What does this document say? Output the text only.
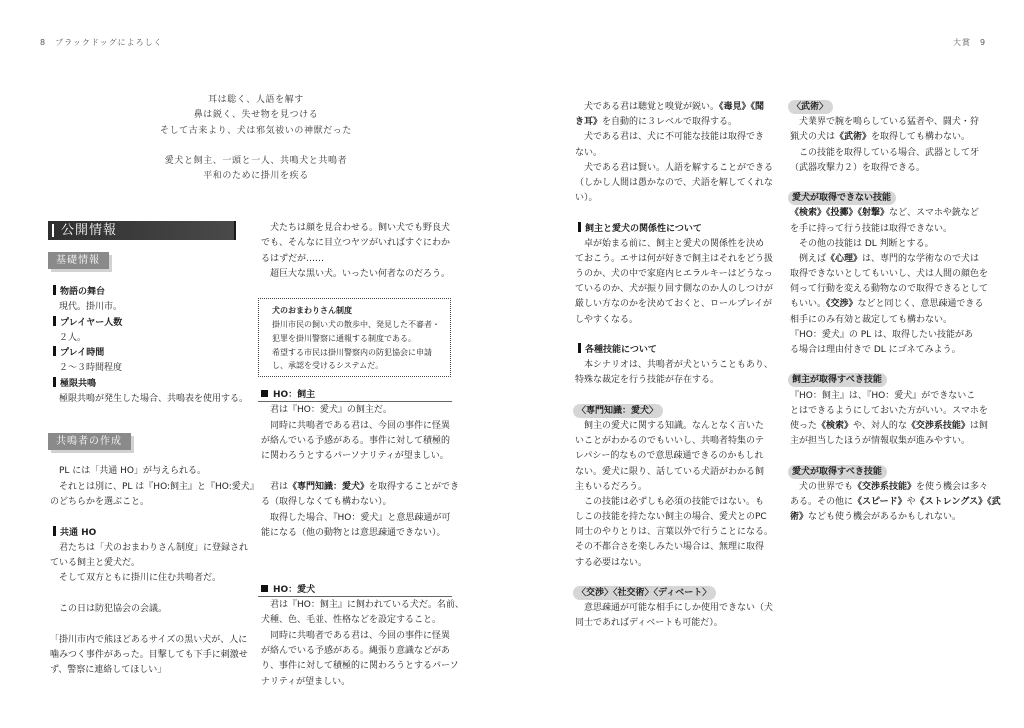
8 ブラックドッグによろしく	大賞 9
耳は聡く、人語を解す
鼻は鋭く、失せ物を見つける
そして古来より、犬は邪気祓いの神獣だった
愛犬と飼主、一頭と一人、共鳴犬と共鳴者
平和のために掛川を疾る
公開情報
基礎情報
物語の舞台
　現代。掛川市。
プレイヤー人数
　２人。
プレイ時間
　２～３時間程度
極限共鳴
　極限共鳴が発生した場合、共鳴表を使用する。
共鳴者の作成
　PL には「共通 HO」が与えられる。
　それとは別に、PL は『HO:飼主』と『HO:愛犬』
のどちらかを選ぶこと。
共通 HO
　君たちは「犬のおまわりさん制度」に登録され
ている飼主と愛犬だ。
　そして双方ともに掛川に住む共鳴者だ。
　この日は防犯協会の会議。
「掛川市内で熊ほどあるサイズの黒い犬が、人に
噛みつく事件があった。目撃しても下手に刺激せ
ず、警察に連絡してほしい」
　犬たちは顔を見合わせる。飼い犬でも野良犬
でも、そんなに目立つヤツがいればすぐにわか
るはずだが……
　超巨大な黒い犬。いったい何者なのだろう。
犬のおまわりさん制度
掛川市民の飼い犬の散歩中、発見した不審者・
犯罪を掛川警察に通報する制度である。
希望する市民は掛川警察内の防犯協会に申請
し、承認を受けるシステムだ。
HO：飼主
　君は『HO：愛犬』の飼主だ。
　同時に共鳴者である君は、今回の事件に怪異
が絡んでいる予感がある。事件に対して積極的
に関わろうとするパーソナリティが望ましい。
　君は《専門知識：愛犬》を取得することができ
る（取得しなくても構わない）。
　取得した場合、『HO：愛犬』と意思疎通が可
能になる（他の動物とは意思疎通できない）。
HO：愛犬
　君は『HO：飼主』に飼われている犬だ。名前、
犬種、色、毛並、性格などを設定すること。
　同時に共鳴者である君は、今回の事件に怪異
が絡んでいる予感がある。縄張り意識などがあ
り、事件に対して積極的に関わろうとするパーソ
ナリティが望ましい。
　犬である君は聴覚と嗅覚が鋭い。《毒見》《聞
き耳》を自動的に３レベルで取得する。
　犬である君は、犬に不可能な技能は取得でき
ない。
　犬である君は賢い。人語を解することができる
（しかし人間は愚かなので、犬語を解してくれな
い）。
飼主と愛犬の関係性について
　卓が始まる前に、飼主と愛犬の関係性を決め
ておこう。エサは何が好きで飼主はそれをどう扱
うのか、犬の中で家庭内ヒエラルキーはどうなっ
ているのか、犬が振り回す側なのか人のしつけが
厳しい方なのかを決めておくと、ロールプレイが
しやすくなる。
各種技能について
　本シナリオは、共鳴者が犬ということもあり、
特殊な裁定を行う技能が存在する。
〈専門知識：愛犬〉
　飼主の愛犬に関する知識。なんとなく言いた
いことがわかるのでもいいし、共鳴者特集のテ
レパシー的なもので意思疎通できるのかもしれ
ない。愛犬に限り、話している犬語がわかる飼
主もいるだろう。
　この技能は必ずしも必須の技能ではない。も
しこの技能を持たない飼主の場合、愛犬とのPC
同士のやりとりは、言葉以外で行うことになる。
その不都合さを楽しみたい場合は、無理に取得
する必要はない。
〈交渉〉〈社交術〉〈ディベート〉
　意思疎通が可能な相手にしか使用できない（犬
同士であればディベートも可能だ）。
〈武術〉
　犬業界で腕を鳴らしている猛者や、闘犬・狩
猟犬の犬は《武術》を取得しても構わない。
　この技能を取得している場合、武器として牙
（武器攻撃力２）を取得できる。
愛犬が取得できない技能
《検索》《投擲》《射撃》など、スマホや銃など
を手に持って行う技能は取得できない。
　その他の技能は DL 判断とする。
　例えば《心理》は、専門的な学術なので犬は
取得できないとしてもいいし、犬は人間の顔色を
伺って行動を変える動物なので取得できるとして
もいい。《交渉》などと同じく、意思疎通できる
相手にのみ有効と裁定しても構わない。
『HO：愛犬』の PL は、取得したい技能があ
る場合は理由付きで DL にゴネてみよう。
飼主が取得すべき技能
『HO：飼主』は、『HO：愛犬』ができないこ
とはできるようにしておいた方がいい。スマホを
使った《検索》や、対人的な《交渉系技能》は飼
主が担当したほうが情報収集が進みやすい。
愛犬が取得すべき技能
　犬の世界でも《交渉系技能》を使う機会は多々
ある。その他に《スピード》や《ストレングス》《武
術》なども使う機会があるかもしれない。
